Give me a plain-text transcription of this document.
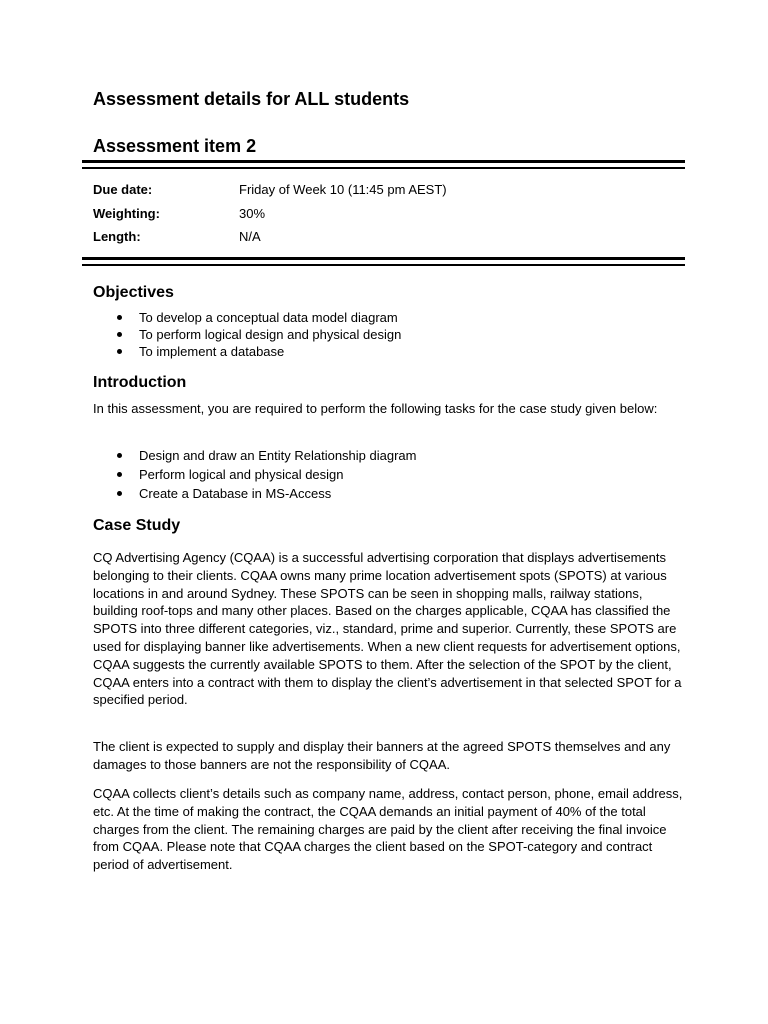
Assessment details for ALL students
Assessment item 2
Due date:	Friday of Week 10 (11:45 pm AEST)
Weighting:	30%
Length:	N/A
Objectives
To develop a conceptual data model diagram
To perform logical design and physical design
To implement a database
Introduction

In this assessment, you are required to perform the following tasks for the case study given below:

Design and draw an Entity Relationship diagram
Perform logical and physical design
Create a Database in MS-Access
Case Study

CQ Advertising Agency (CQAA) is a successful advertising corporation that displays advertisements belonging to their clients. CQAA owns many prime location advertisement spots (SPOTS) at various locations in and around Sydney. These SPOTS can be seen in shopping malls, railway stations, building roof-tops and many other places. Based on the charges applicable, CQAA has classified the SPOTS into three different categories, viz., standard, prime and superior. Currently, these SPOTS are used for displaying banner like advertisements. When a new client requests for advertisement options, CQAA suggests the currently available SPOTS to them. After the selection of the SPOT by the client, CQAA enters into a contract with them to display the client’s advertisement in that selected SPOT for a specified period.

The client is expected to supply and display their banners at the agreed SPOTS themselves and any damages to those banners are not the responsibility of CQAA.

CQAA collects client’s details such as company name, address, contact person, phone, email address, etc. At the time of making the contract, the CQAA demands an initial payment of 40% of the total charges from the client. The remaining charges are paid by the client after receiving the final invoice from CQAA. Please note that CQAA charges the client based on the SPOT-category and contract period of advertisement.
